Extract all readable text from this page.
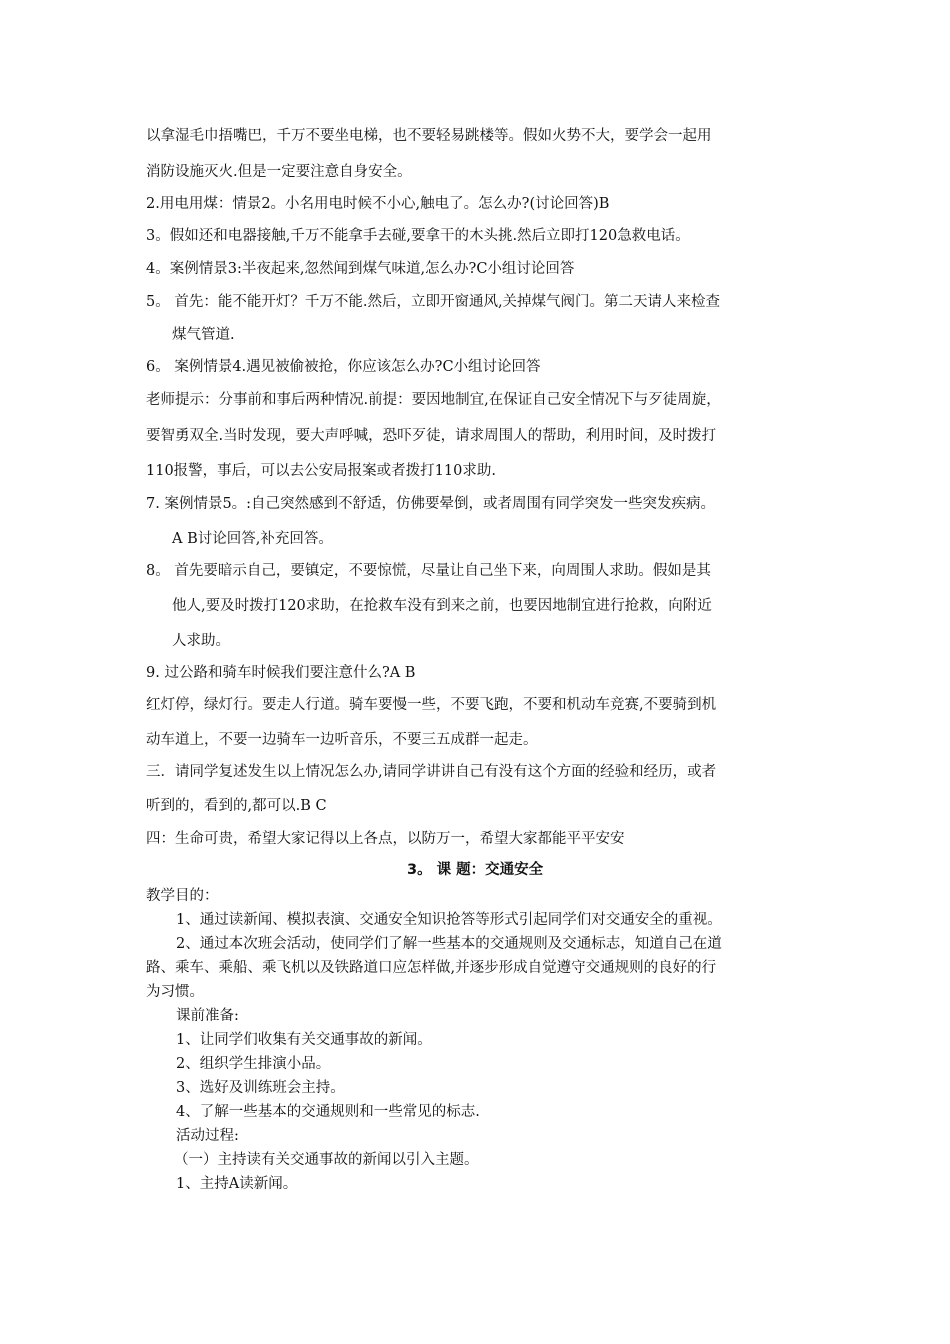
以拿湿毛巾捂嘴巴，千万不要坐电梯，也不要轻易跳楼等。假如火势不大，要学会一起用

消防设施灭火.但是一定要注意自身安全。

2.用电用煤：情景2。小名用电时候不小心,触电了。怎么办?(讨论回答)B

3。假如还和电器接触,千万不能拿手去碰,要拿干的木头挑.然后立即打120急救电话。

4。案例情景3:半夜起来,忽然闻到煤气味道,怎么办?C小组讨论回答

5。 首先：能不能开灯？千万不能.然后，立即开窗通风,关掉煤气阀门。第二天请人来检查

煤气管道.

6。 案例情景4.遇见被偷被抢，你应该怎么办?C小组讨论回答

老师提示：分事前和事后两种情况.前提：要因地制宜,在保证自己安全情况下与歹徒周旋，

要智勇双全.当时发现，要大声呼喊，恐吓歹徒，请求周围人的帮助，利用时间，及时拨打

110报警，事后，可以去公安局报案或者拨打110求助.

7. 案例情景5。:自己突然感到不舒适，仿佛要晕倒，或者周围有同学突发一些突发疾病。

A B讨论回答,补充回答。

8。 首先要暗示自己，要镇定，不要惊慌，尽量让自己坐下来，向周围人求助。假如是其

他人,要及时拨打120求助，在抢救车没有到来之前，也要因地制宜进行抢救，向附近

人求助。

9. 过公路和骑车时候我们要注意什么?A B

红灯停，绿灯行。要走人行道。骑车要慢一些，不要飞跑，不要和机动车竞赛,不要骑到机

动车道上，不要一边骑车一边听音乐，不要三五成群一起走。

三．请同学复述发生以上情况怎么办,请同学讲讲自己有没有这个方面的经验和经历，或者

听到的，看到的,都可以.B C

四：生命可贵，希望大家记得以上各点，以防万一，希望大家都能平平安安

3。 课 题：交通安全

教学目的：

1、通过读新闻、模拟表演、交通安全知识抢答等形式引起同学们对交通安全的重视。

2、通过本次班会活动，使同学们了解一些基本的交通规则及交通标志，知道自己在道

路、乘车、乘船、乘飞机以及铁路道口应怎样做,并逐步形成自觉遵守交通规则的良好的行

为习惯。

课前准备:

1、让同学们收集有关交通事故的新闻。

2、组织学生排演小品。

3、选好及训练班会主持。

4、了解一些基本的交通规则和一些常见的标志.

活动过程:

（一）主持读有关交通事故的新闻以引入主题。

1、主持A读新闻。
